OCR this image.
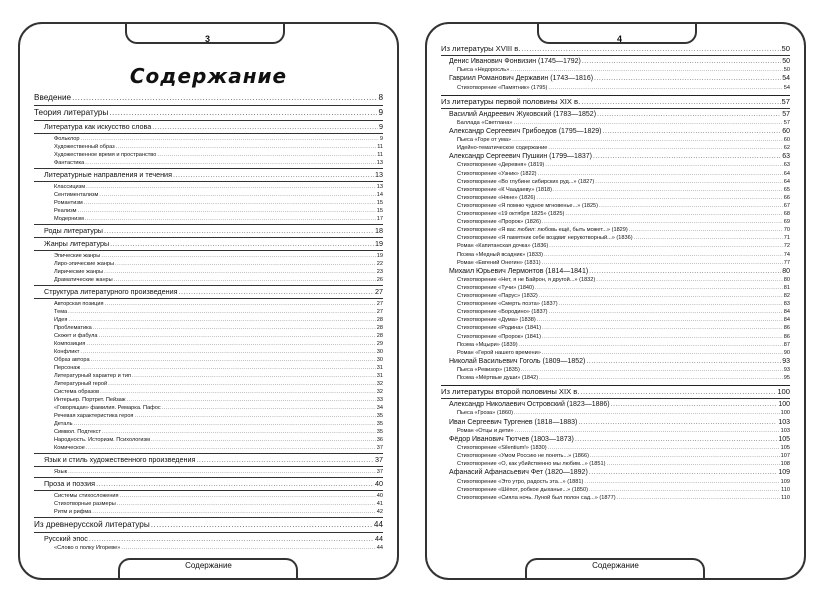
3
Содержание
Введение .....	8
Теория литературы .....	9
Литература как искусство слова .....	9
Фольклор .....	9
Художественный образ .....	11
Художественное время и пространство .....	11
Фантастика .....	13
Литературные направления и течения .....	13
Классицизм .....	13
Сентиментализм .....	14
Романтизм .....	15
Реализм .....	15
Модернизм .....	17
Роды литературы .....	18
Жанры литературы .....	19
Эпические жанры .....	19
Лиро-эпические жанры .....	22
Лирические жанры .....	23
Драматические жанры .....	26
Структура литературного произведения .....	27
Авторская позиция .....	27
Тема .....	27
Идея .....	28
Проблематика .....	28
Сюжет и фабула .....	28
Композиция .....	29
Конфликт .....	30
Образ автора .....	30
Персонаж .....	31
Литературный характер и тип .....	31
Литературный герой .....	32
Система образов .....	32
Интерьер. Портрет. Пейзаж .....	33
«Говорящая» фамилия. Ремарка. Пафос .....	34
Речевая характеристика героя .....	35
Деталь .....	35
Символ. Подтекст .....	35
Народность. Историзм. Психологизм .....	36
Комическое .....	37
Язык и стиль художественного произведения .....	37
Язык .....	37
Проза и поэзия .....	40
Системы стихосложения .....	40
Стихотворные размеры .....	41
Ритм и рифма .....	42
Из древнерусской литературы .....	44
Русский эпос .....	44
«Слово о полку Игореве» .....	44
Содержание
4
Из литературы XVIII в. .....	50
Денис Иванович Фонвизин (1745—1792) .....	50
Пьеса «Недоросль» .....	50
Гавриил Романович Державин (1743—1816) .....	54
Стихотворение «Памятник» (1795) .....	54
Из литературы первой половины XIX в. .....	57
Василий Андреевич Жуковский (1783—1852) .....	57
Баллада «Светлана» .....	57
Александр Сергеевич Грибоедов (1795—1829) .....	60
Пьеса «Горе от ума» .....	60
Идейно-тематическое содержание .....	62
Александр Сергеевич Пушкин (1799—1837) .....	63
Стихотворение «Деревня» (1819) .....	63
Стихотворение «Узник» (1822) .....	64
Стихотворение «Во глубине сибирских руд...» (1827) .....	64
Стихотворение «К Чаадаеву» (1818) .....	65
Стихотворение «Няне» (1826) .....	66
Стихотворение «Я помню чудное мгновенье...» (1825) .....	67
Стихотворение «19 октября 1825» (1825) .....	68
Стихотворение «Пророк» (1826) .....	69
Стихотворение «Я вас любил: любовь ещё, быть может...» (1829) .....	70
Стихотворение «Я памятник себе воздвиг нерукотворный...» (1836) .....	71
Роман «Капитанская дочка» (1836) .....	72
Поэма «Медный всадник» (1833) .....	74
Роман «Евгений Онегин» (1831) .....	77
Михаил Юрьевич Лермонтов (1814—1841) .....	80
Стихотворение «Нет, я не Байрон, я другой...» (1832) .....	80
Стихотворение «Тучи» (1840) .....	81
Стихотворение «Парус» (1832) .....	82
Стихотворение «Смерть поэта» (1837) .....	83
Стихотворение «Бородино» (1837) .....	84
Стихотворение «Дума» (1838) .....	84
Стихотворение «Родина» (1841) .....	86
Стихотворение «Пророк» (1841) .....	86
Поэма «Мцыри» (1839) .....	87
Роман «Герой нашего времени» .....	90
Николай Васильевич Гоголь (1809—1852) .....	93
Пьеса «Ревизор» (1835) .....	93
Поэма «Мёртвые души» (1842) .....	95
Из литературы второй половины XIX в. .....	100
Александр Николаевич Островский (1823—1886) .....	100
Пьеса «Гроза» (1860) .....	100
Иван Сергеевич Тургенев (1818—1883) .....	103
Роман «Отцы и дети» .....	103
Фёдор Иванович Тютчев (1803—1873) .....	105
Стихотворение «Silentium!» (1830) .....	105
Стихотворение «Умом Россию не понять...» (1866) .....	107
Стихотворение «О, как убийственно мы любим...» (1851) .....	108
Афанасий Афанасьевич Фет (1820—1892) .....	109
Стихотворение «Это утро, радость эта...» (1881) .....	109
Стихотворение «Шёпот, робкое дыханье...» (1850) .....	110
Стихотворение «Сияла ночь. Луной был полон сад...» (1877) .....	110
Содержание
